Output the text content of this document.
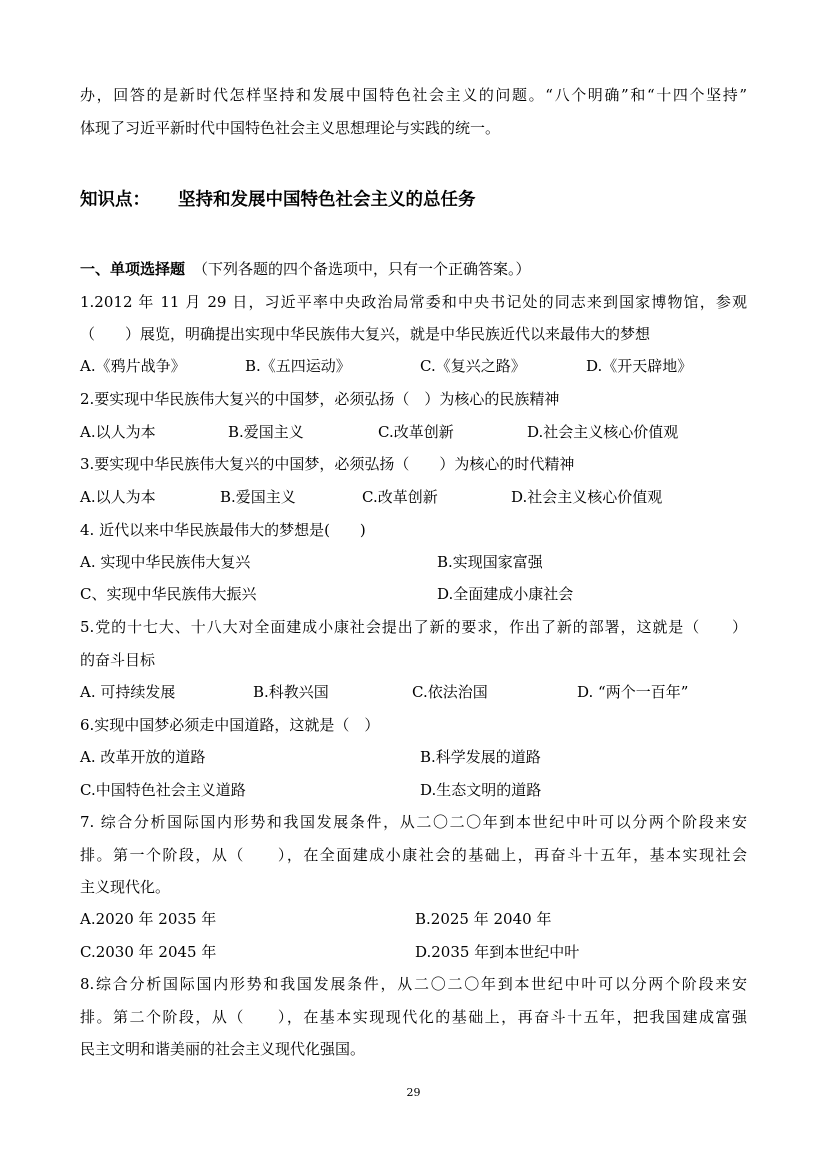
办，回答的是新时代怎样坚持和发展中国特色社会主义的问题。“八个明确”和“十四个坚持”
体现了习近平新时代中国特色社会主义思想理论与实践的统一。
知识点： 坚持和发展中国特色社会主义的总任务
一、单项选择题 （下列各题的四个备选项中，只有一个正确答案。）
1.2012 年 11 月 29 日，习近平率中央政治局常委和中央书记处的同志来到国家博物馆，参观
（　　）展览，明确提出实现中华民族伟大复兴，就是中华民族近代以来最伟大的梦想
A.《鸦片战争》	B.《五四运动》	C.《复兴之路》	D.《开天辟地》
2.要实现中华民族伟大复兴的中国梦，必须弘扬（　）为核心的民族精神
A.以人为本	B.爱国主义	C.改革创新	D.社会主义核心价值观
3.要实现中华民族伟大复兴的中国梦，必须弘扬（　　）为核心的时代精神
A.以人为本	B.爱国主义	C.改革创新	D.社会主义核心价值观
4. 近代以来中华民族最伟大的梦想是(　　)
A. 实现中华民族伟大复兴	B.实现国家富强
C、实现中华民族伟大振兴	D.全面建成小康社会
5.党的十七大、十八大对全面建成小康社会提出了新的要求，作出了新的部署，这就是（　　）
的奋斗目标
A. 可持续发展	B.科教兴国	C.依法治国	D. “两个一百年”
6.实现中国梦必须走中国道路，这就是（　）
A. 改革开放的道路	B.科学发展的道路
C.中国特色社会主义道路	D.生态文明的道路
7. 综合分析国际国内形势和我国发展条件，从二〇二〇年到本世纪中叶可以分两个阶段来安
排。第一个阶段，从（　　），在全面建成小康社会的基础上，再奋斗十五年，基本实现社会
主义现代化。
A.2020 年 2035 年	B.2025 年 2040 年
C.2030 年 2045 年	D.2035 年到本世纪中叶
8.综合分析国际国内形势和我国发展条件，从二〇二〇年到本世纪中叶可以分两个阶段来安
排。第二个阶段，从（　　），在基本实现现代化的基础上，再奋斗十五年，把我国建成富强
民主文明和谐美丽的社会主义现代化强国。
29
